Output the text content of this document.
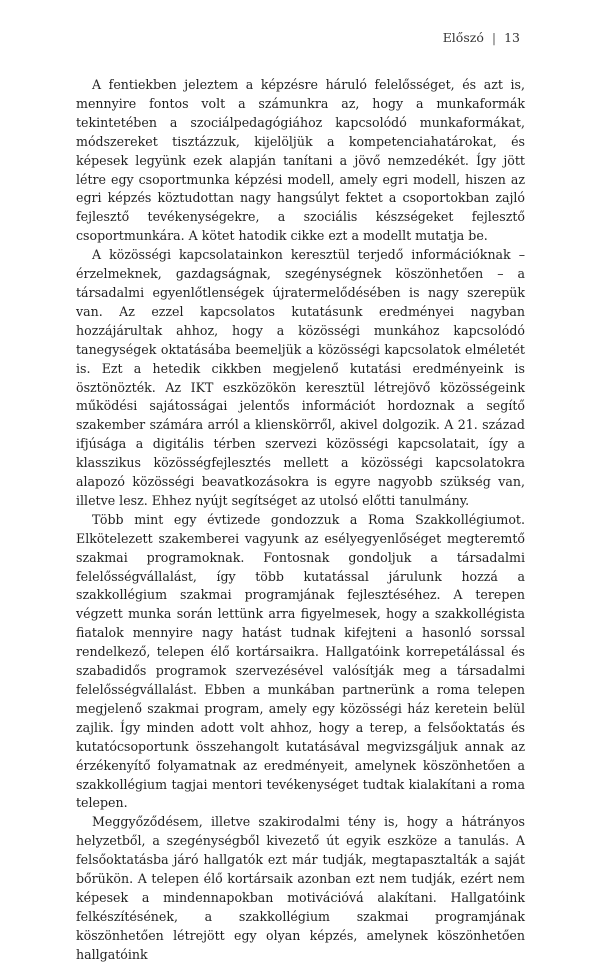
Előszó | 13

A fentiekben jeleztem a képzésre háruló felelősséget, és azt is, mennyire fontos volt a számunkra az, hogy a munkaformák tekintetében a szociálpedagógiához kapcsolódó munkaformákat, módszereket tisztázzuk, kijelöljük a kompetenciahatárokat, és képesek legyünk ezek alapján tanítani a jövő nemzedékét. Így jött létre egy csoportmunka képzési modell, amely egri modell, hiszen az egri képzés köztudottan nagy hangsúlyt fektet a csoportokban zajló fejlesztő tevékenységekre, a szociális készségeket fejlesztő csoportmunkára. A kötet hatodik cikke ezt a modellt mutatja be.

A közösségi kapcsolatainkon keresztül terjedő információknak – érzelmeknek, gazdagságnak, szegénységnek köszönhetően – a társadalmi egyenlőtlenségek újratermelődésében is nagy szerepük van. Az ezzel kapcsolatos kutatásunk eredményei nagyban hozzájárultak ahhoz, hogy a közösségi munkához kapcsolódó tanegységek oktatásába beemeljük a közösségi kapcsolatok elméletét is. Ezt a hetedik cikkben megjelenő kutatási eredményeink is ösztönözték. Az IKT eszközökön keresztül létrejövő közösségeink működési sajátosságai jelentős információt hordoznak a segítő szakember számára arról a klienskörről, akivel dolgozik. A 21. század ifjúsága a digitális térben szervezi közösségi kapcsolatait, így a klasszikus közösségfejlesztés mellett a közösségi kapcsolatokra alapozó közösségi beavatkozásokra is egyre nagyobb szükség van, illetve lesz. Ehhez nyújt segítséget az utolsó előtti tanulmány.

Több mint egy évtizede gondozzuk a Roma Szakkollégiumot. Elkötelezett szakemberei vagyunk az esélyegyenlőséget megteremtő szakmai programoknak. Fontosnak gondoljuk a társadalmi felelősségvállalást, így több kutatással járulunk hozzá a szakkollégium szakmai programjának fejlesztéséhez. A terepen végzett munka során lettünk arra figyelmesek, hogy a szakkollégista fiatalok mennyire nagy hatást tudnak kifejteni a hasonló sorssal rendelkező, telepen élő kortársaikra. Hallgatóink korrepetálással és szabadidős programok szervezésével valósítják meg a társadalmi felelősségvállalást. Ebben a munkában partnerünk a roma telepen megjelenő szakmai program, amely egy közösségi ház keretein belül zajlik. Így minden adott volt ahhoz, hogy a terep, a felsőoktatás és kutatócsoportunk összehangolt kutatásával megvizsgáljuk annak az érzékenyítő folyamatnak az eredményeit, amelynek köszönhetően a szakkollégium tagjai mentori tevékenységet tudtak kialakítani a roma telepen.

Meggyőződésem, illetve szakirodalmi tény is, hogy a hátrányos helyzetből, a szegénységből kivezető út egyik eszköze a tanulás. A felsőoktatásba járó hallgatók ezt már tudják, megtapasztalták a saját bőrükön. A telepen élő kortársaik azonban ezt nem tudják, ezért nem képesek a mindennapokban motivációvá alakítani. Hallgatóink felkészítésének, a szakkollégium szakmai programjának köszönhetően létrejött egy olyan képzés, amelynek köszönhetően hallgatóink
